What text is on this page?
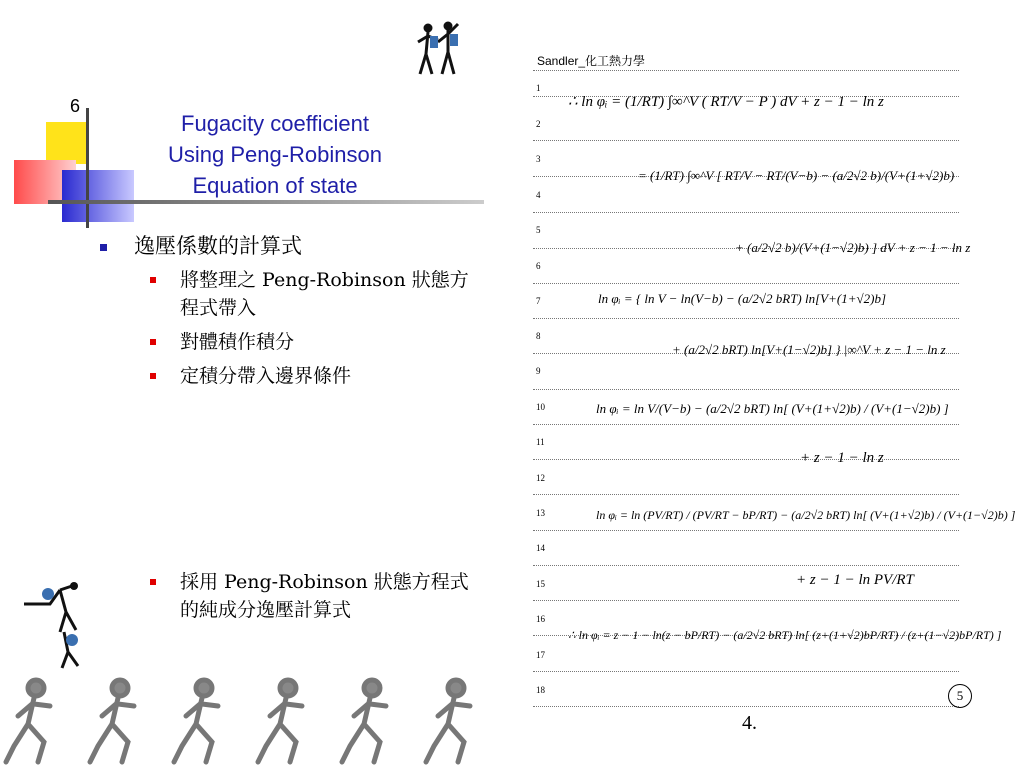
6
Fugacity coefficient
Using Peng-Robinson
Equation of state
逸壓係數的計算式
將整理之 Peng-Robinson 狀態方程式帶入
對體積作積分
定積分帶入邊界條件
採用 Peng-Robinson 狀態方程式的純成分逸壓計算式
Sandler_化工熱力學
1
2
3
4
5
6
7
8
9
10
11
12
13
14
15
16
17
18
∴ ln φᵢ = (1/RT) ∫∞^V ( RT/V − P ) dV + z − 1 − ln z
= (1/RT) ∫∞^V [ RT/V − RT/(V−b) − (a/2√2 b)/(V+(1+√2)b)
+ (a/2√2 b)/(V+(1−√2)b) ] dV + z − 1 − ln z
ln φᵢ = { ln V − ln(V−b) − (a/2√2 bRT) ln[V+(1+√2)b]
+ (a/2√2 bRT) ln[V+(1−√2)b] } |∞^V + z − 1 − ln z
ln φᵢ = ln V/(V−b) − (a/2√2 bRT) ln[ (V+(1+√2)b) / (V+(1−√2)b) ]
+ z − 1 − ln z
ln φᵢ = ln (PV/RT) / (PV/RT − bP/RT) − (a/2√2 bRT) ln[ (V+(1+√2)b) / (V+(1−√2)b) ]
+ z − 1 − ln PV/RT
∴ ln φᵢ = z − 1 − ln(z − bP/RT) − (a/2√2 bRT) ln[ (z+(1+√2)bP/RT) / (z+(1−√2)bP/RT) ]
5
4.
